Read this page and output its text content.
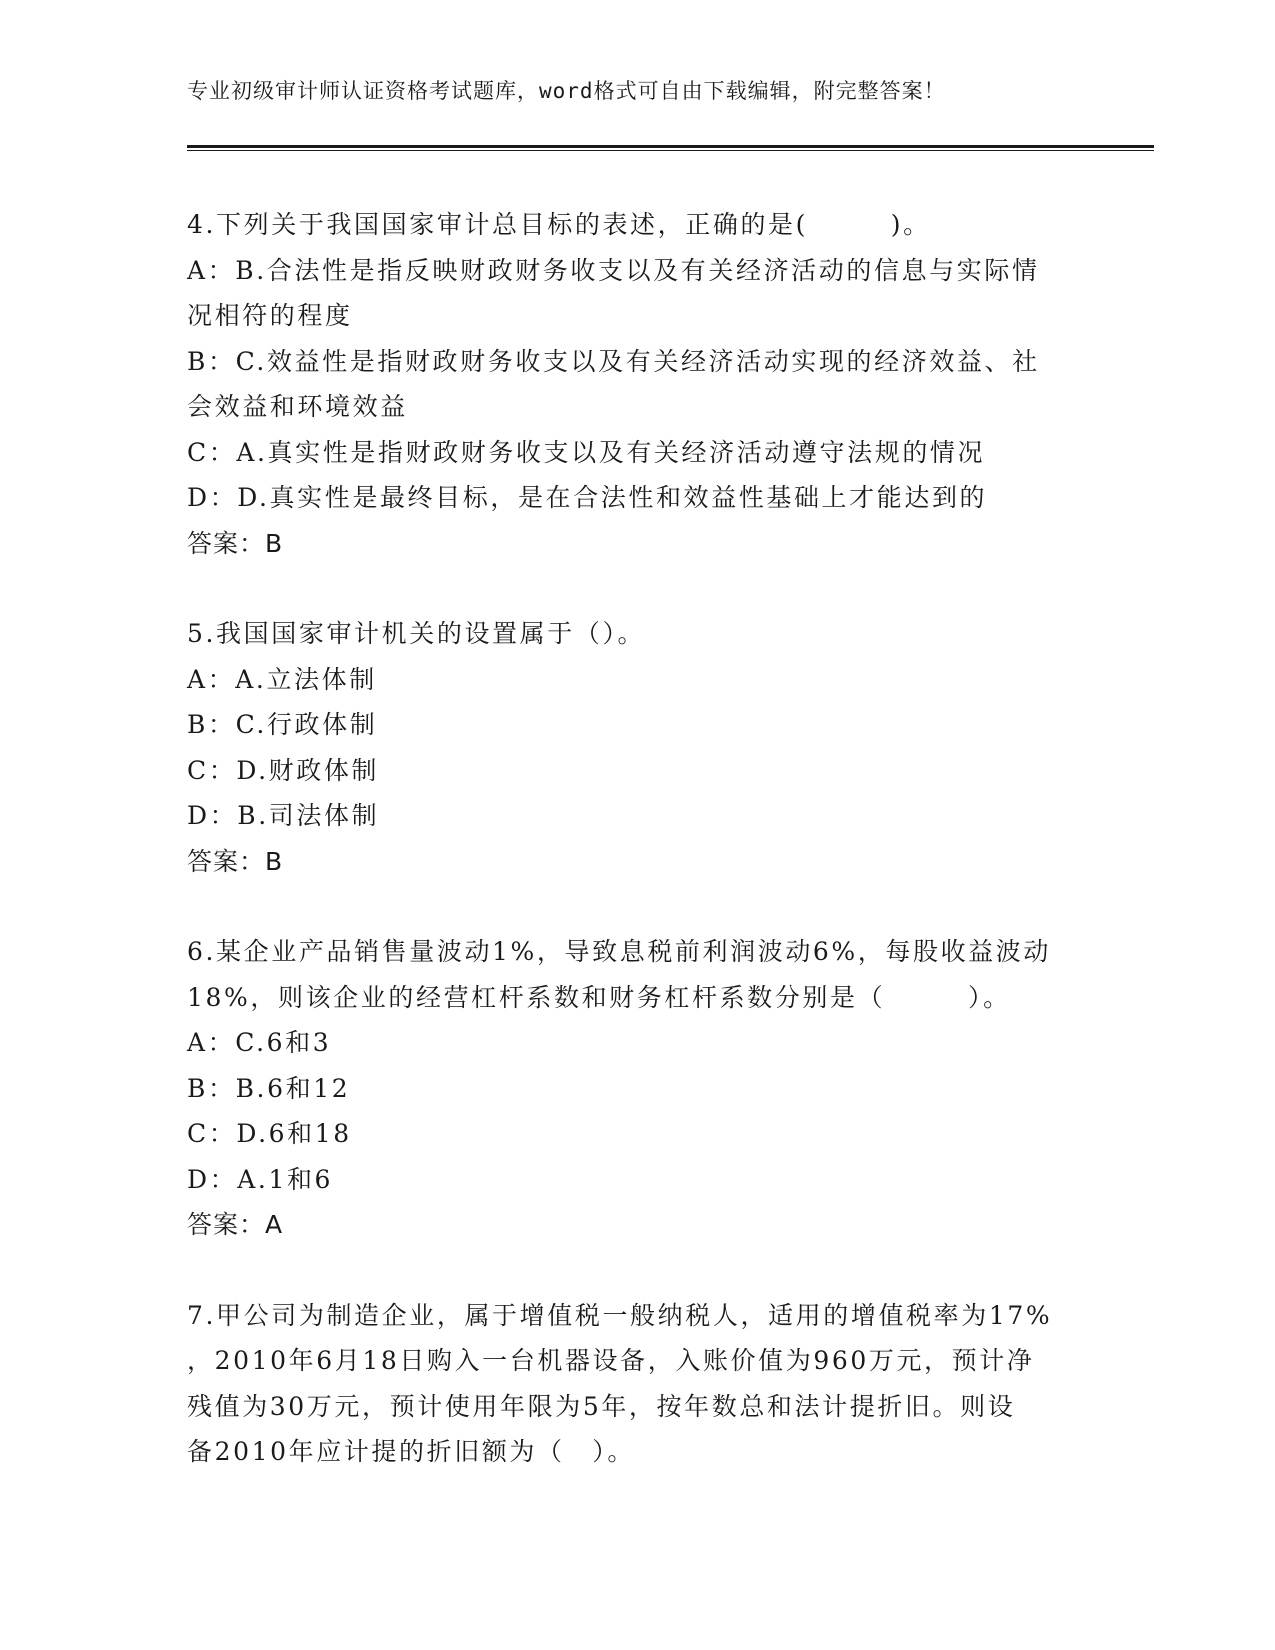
专业初级审计师认证资格考试题库，word格式可自由下载编辑，附完整答案！
4.下列关于我国国家审计总目标的表述，正确的是(　　　)。
A：B.合法性是指反映财政财务收支以及有关经济活动的信息与实际情
况相符的程度
B：C.效益性是指财政财务收支以及有关经济活动实现的经济效益、社
会效益和环境效益
C：A.真实性是指财政财务收支以及有关经济活动遵守法规的情况
D：D.真实性是最终目标，是在合法性和效益性基础上才能达到的
答案：B
5.我国国家审计机关的设置属于（）。
A：A.立法体制
B：C.行政体制
C：D.财政体制
D：B.司法体制
答案：B
6.某企业产品销售量波动1%，导致息税前利润波动6%，每股收益波动
18%，则该企业的经营杠杆系数和财务杠杆系数分别是（　　　）。
A：C.6和3
B：B.6和12
C：D.6和18
D：A.1和6
答案：A
7.甲公司为制造企业，属于增值税一般纳税人，适用的增值税率为17%
，2010年6月18日购入一台机器设备，入账价值为960万元，预计净
残值为30万元，预计使用年限为5年，按年数总和法计提折旧。则设
备2010年应计提的折旧额为（　）。
